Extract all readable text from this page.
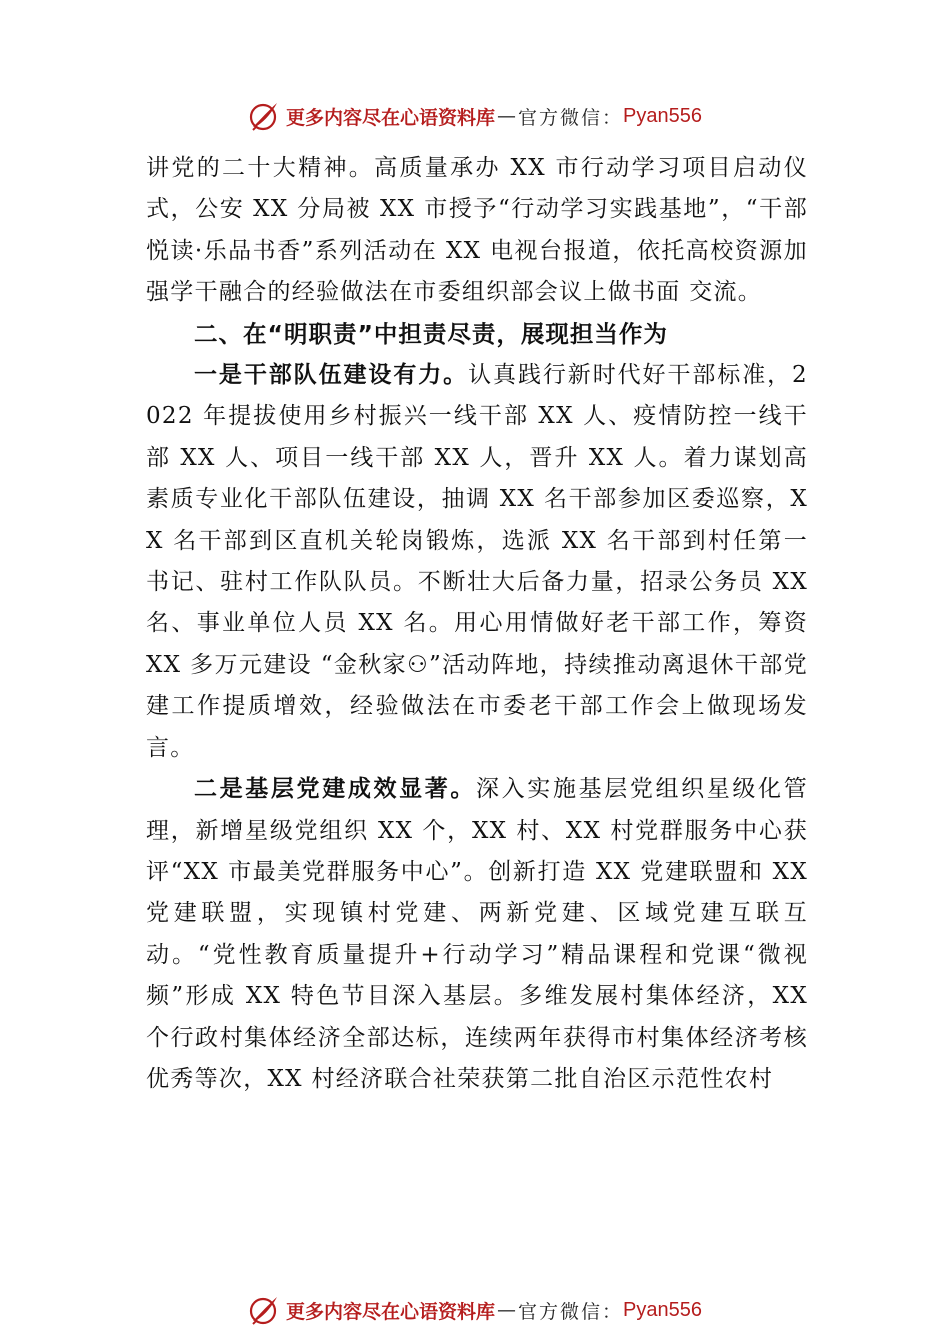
更多内容尽在心语资料库 — 官方微信： Pyan556

讲党的二十大精神。高质量承办 XX 市行动学习项目启动仪式，公安 XX 分局被 XX 市授予“行动学习实践基地”，“干部悦读·乐品书香”系列活动在 XX 电视台报道，依托高校资源加强学干融合的经验做法在市委组织部会议上做书面 交流。

二、在“明职责”中担责尽责，展现担当作为

一是干部队伍建设有力。认真践行新时代好干部标准，2022 年提拔使用乡村振兴一线干部 XX 人、疫情防控一线干部 XX 人、项目一线干部 XX 人，晋升 XX 人。着力谋划高素质专业化干部队伍建设，抽调 XX 名干部参加区委巡察，XX 名干部到区直机关轮岗锻炼，选派 XX 名干部到村任第一书记、驻村工作队队员。不断壮大后备力量，招录公务员 XX 名、事业单位人员 XX 名。用心用情做好老干部工作，筹资 XX 多万元建设 “金秋家⚇”活动阵地，持续推动离退休干部党建工作提质增效，经验做法在市委老干部工作会上做现场发言。

二是基层党建成效显著。深入实施基层党组织星级化管理，新增星级党组织 XX 个，XX 村、XX 村党群服务中心获评“XX 市最美党群服务中心”。创新打造 XX 党建联盟和 XX 党建联盟，实现镇村党建、两新党建、区域党建互联互动。“党性教育质量提升+行动学习”精品课程和党课“微视频”形成 XX 特色节目深入基层。多维发展村集体经济，XX 个行政村集体经济全部达标，连续两年获得市村集体经济考核优秀等次，XX 村经济联合社荣获第二批自治区示范性农村

更多内容尽在心语资料库 — 官方微信： Pyan556
